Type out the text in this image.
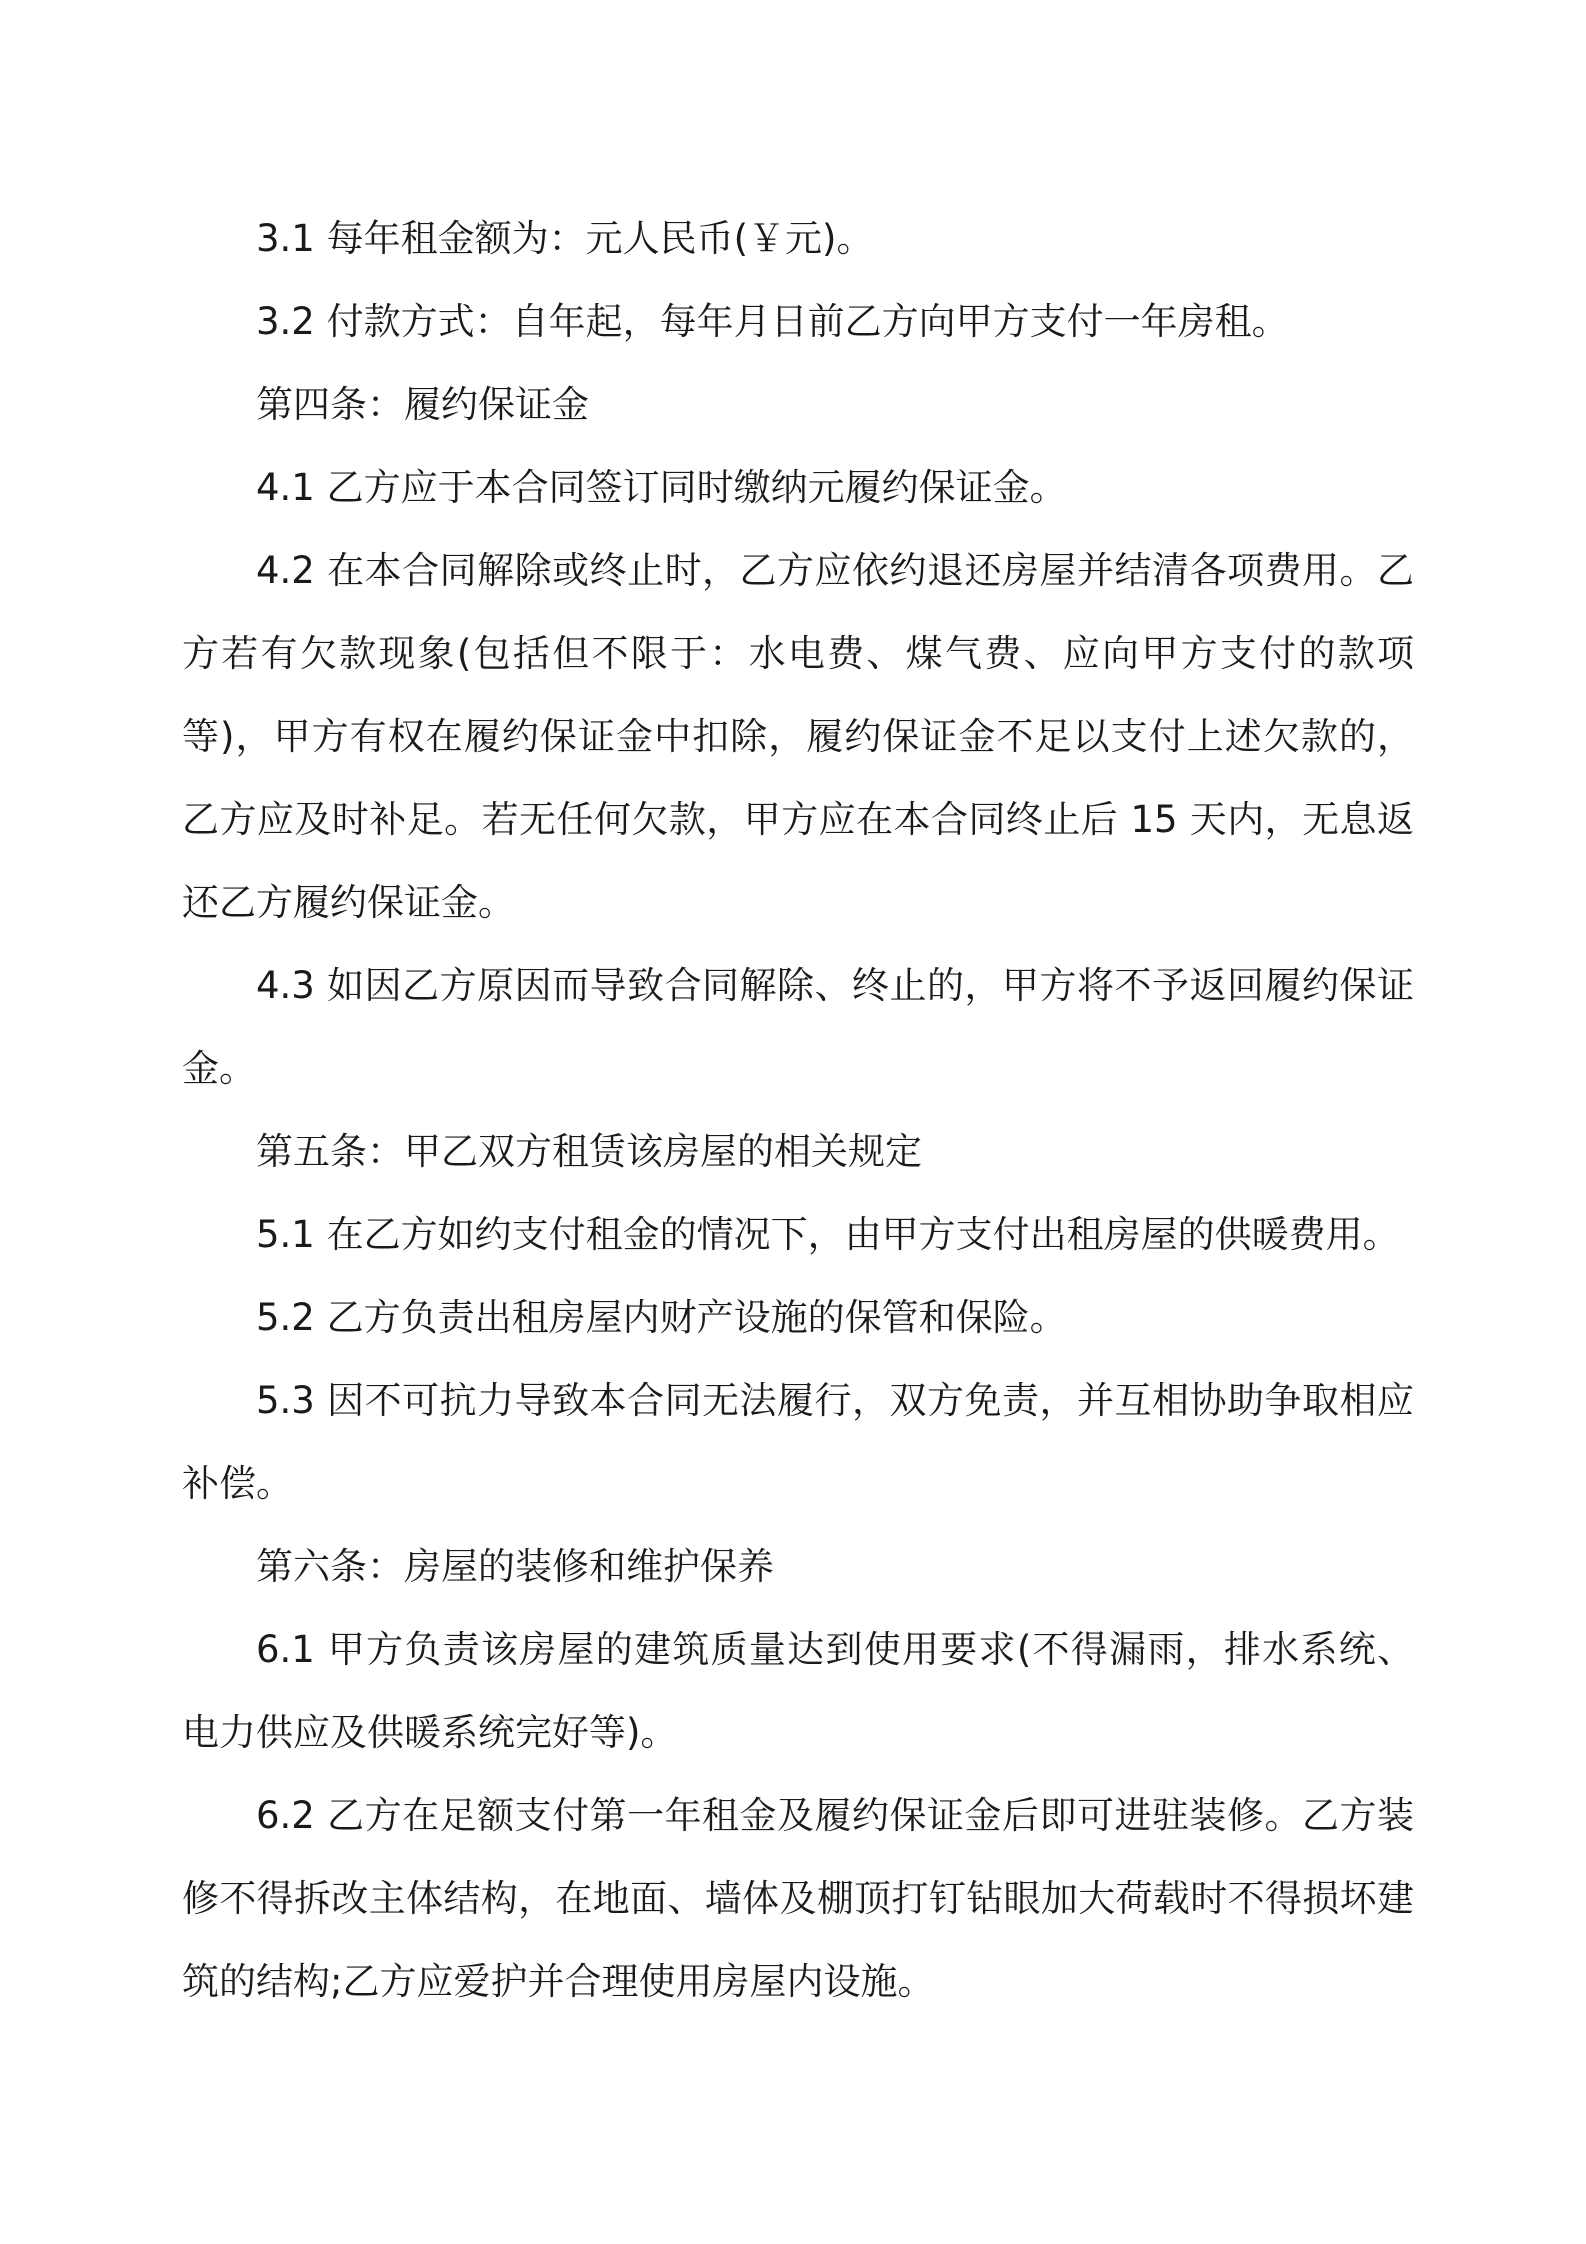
3.1 每年租金额为：元人民币(￥元)。

3.2 付款方式：自年起，每年月日前乙方向甲方支付一年房租。

第四条：履约保证金

4.1 乙方应于本合同签订同时缴纳元履约保证金。

4.2 在本合同解除或终止时，乙方应依约退还房屋并结清各项费用。乙方若有欠款现象(包括但不限于：水电费、煤气费、应向甲方支付的款项等)，甲方有权在履约保证金中扣除，履约保证金不足以支付上述欠款的，乙方应及时补足。若无任何欠款，甲方应在本合同终止后 15 天内，无息返还乙方履约保证金。

4.3 如因乙方原因而导致合同解除、终止的，甲方将不予返回履约保证金。

第五条：甲乙双方租赁该房屋的相关规定

5.1 在乙方如约支付租金的情况下，由甲方支付出租房屋的供暖费用。

5.2 乙方负责出租房屋内财产设施的保管和保险。

5.3 因不可抗力导致本合同无法履行，双方免责，并互相协助争取相应补偿。

第六条：房屋的装修和维护保养

6.1 甲方负责该房屋的建筑质量达到使用要求(不得漏雨，排水系统、电力供应及供暖系统完好等)。

6.2 乙方在足额支付第一年租金及履约保证金后即可进驻装修。乙方装修不得拆改主体结构，在地面、墙体及棚顶打钉钻眼加大荷载时不得损坏建筑的结构;乙方应爱护并合理使用房屋内设施。
